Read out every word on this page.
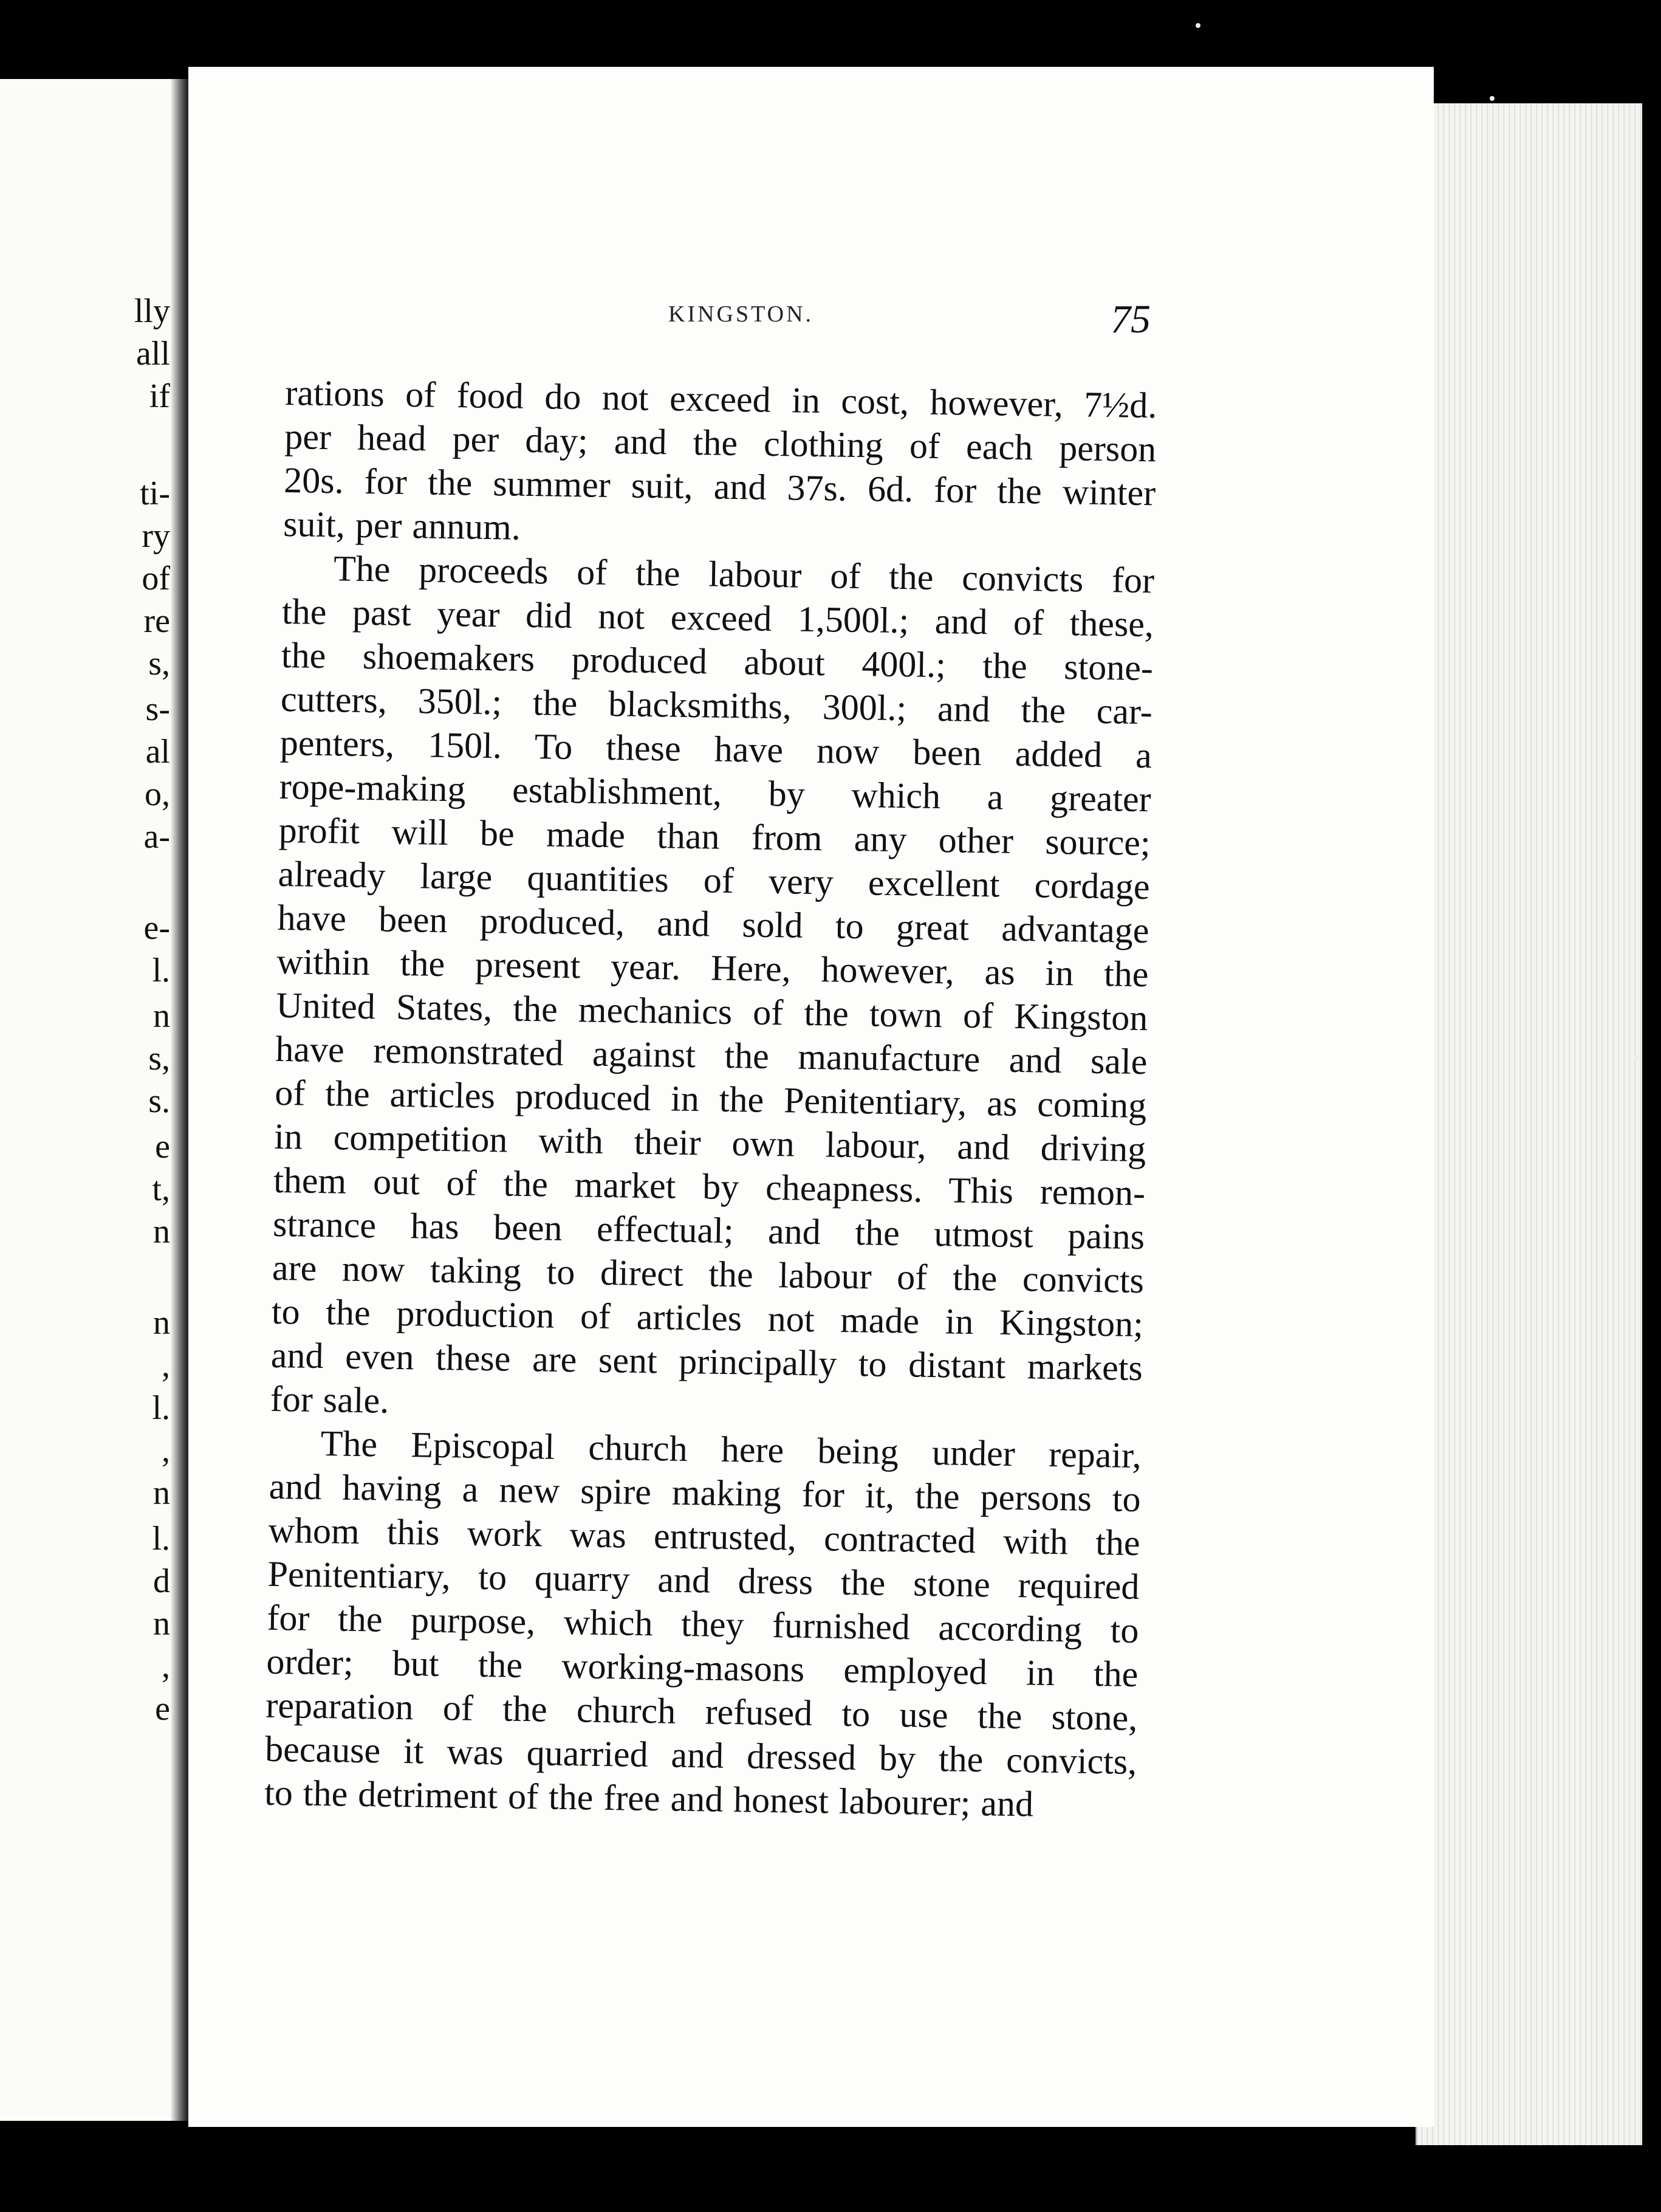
lly
all
if
ti-
ry
of
re
s,
s-
al
o,
a-
e-
l.
n
s,
s.
e
t,
n
n
,
l.
,
n
l.
d
n
,
e
KINGSTON.	75
rations of food do not exceed in cost, however, 7½d.
per head per day; and the clothing of each person
20s. for the summer suit, and 37s. 6d. for the winter
suit, per annum.
The proceeds of the labour of the convicts for
the past year did not exceed 1,500l.; and of these,
the shoemakers produced about 400l.; the stone-
cutters, 350l.; the blacksmiths, 300l.; and the car-
penters, 150l. To these have now been added a
rope-making establishment, by which a greater
profit will be made than from any other source;
already large quantities of very excellent cordage
have been produced, and sold to great advantage
within the present year. Here, however, as in the
United States, the mechanics of the town of Kingston
have remonstrated against the manufacture and sale
of the articles produced in the Penitentiary, as coming
in competition with their own labour, and driving
them out of the market by cheapness. This remon-
strance has been effectual; and the utmost pains
are now taking to direct the labour of the convicts
to the production of articles not made in Kingston;
and even these are sent principally to distant markets
for sale.
The Episcopal church here being under repair,
and having a new spire making for it, the persons to
whom this work was entrusted, contracted with the
Penitentiary, to quarry and dress the stone required
for the purpose, which they furnished according to
order; but the working-masons employed in the
reparation of the church refused to use the stone,
because it was quarried and dressed by the convicts,
to the detriment of the free and honest labourer; and
